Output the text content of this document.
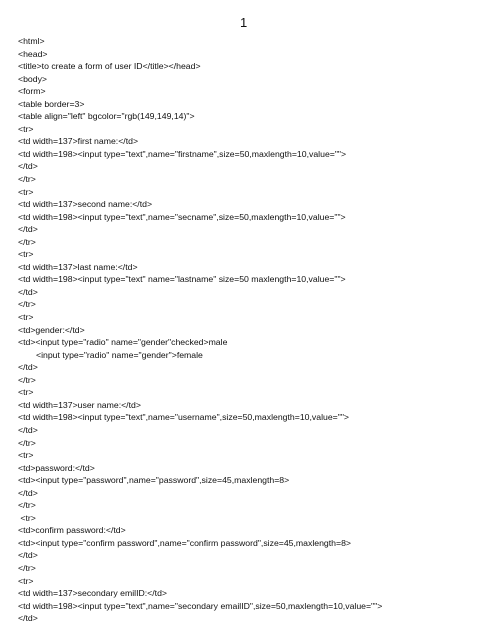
1
<html>
<head>
<title>to create a form of user ID</title></head>
<body>
<form>
<table border=3>
<table align="left" bgcolor="rgb(149,149,14)">
<tr>
<td width=137>first name:</td>
<td width=198><input type="text",name="firstname",size=50,maxlength=10,value="">
</td>
</tr>
<tr>
<td width=137>second name:</td>
<td width=198><input type="text",name="secname",size=50,maxlength=10,value="">
</td>
</tr>
<tr>
<td width=137>last name:</td>
<td width=198><input type="text" name="lastname" size=50 maxlength=10,value="">
</td>
</tr>
<tr>
<td>gender:</td>
<td><input type="radio" name="gender"checked>male
<input type="radio" name="gender">female
</td>
</tr>
<tr>
<td width=137>user name:</td>
<td width=198><input type="text",name="username",size=50,maxlength=10,value="">
</td>
</tr>
<tr>
<td>password:</td>
<td><input type="password",name="password",size=45,maxlength=8>
</td>
</tr>
<tr>
<td>confirm password:</td>
<td><input type="confirm password",name="confirm password",size=45,maxlength=8>
</td>
</tr>
<tr>
<td width=137>secondary emilID:</td>
<td width=198><input type="text",name="secondary emailID",size=50,maxlength=10,value="">
</td>
